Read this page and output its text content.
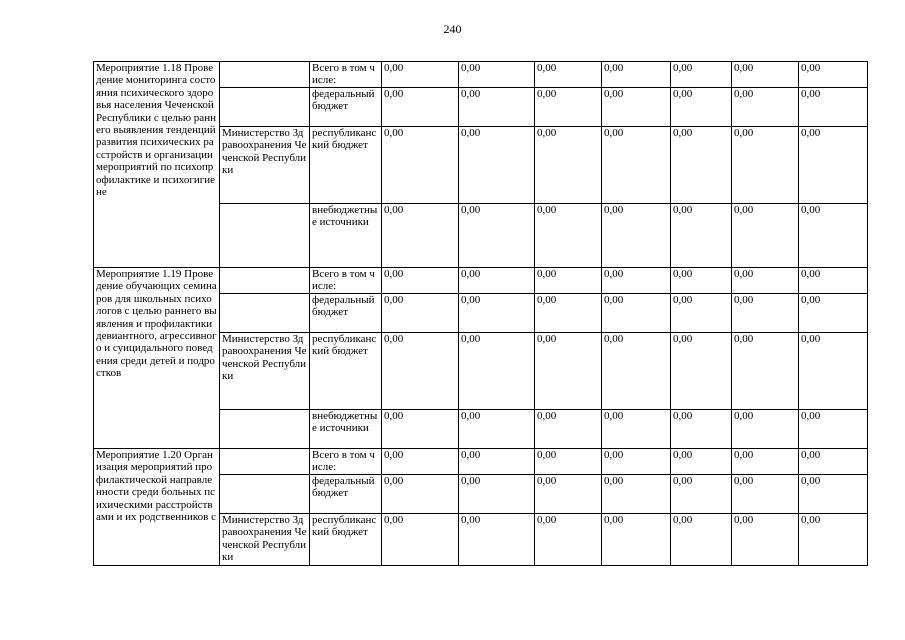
240
Мероприятие 1.18 Проведение мониторинга состояния психического здоровья населения Чеченской Республики с целью раннего выявления тенденций развития психических расстройств и организации мероприятий по психопрофилактике и психогигиене		Всего в том числе:	0,00	0,00	0,00	0,00	0,00	0,00	0,00
		федеральный бюджет	0,00	0,00	0,00	0,00	0,00	0,00	0,00
	Министерство Здравоохранения Чеченской Республики	республиканский бюджет	0,00	0,00	0,00	0,00	0,00	0,00	0,00
		внебюджетные источники	0,00	0,00	0,00	0,00	0,00	0,00	0,00
Мероприятие 1.19 Проведение обучающих семинаров для школьных психологов с целью раннего выявления и профилактики девиантного, агрессивного и суицидального поведения среди детей и подростков		Всего в том числе:	0,00	0,00	0,00	0,00	0,00	0,00	0,00
		федеральный бюджет	0,00	0,00	0,00	0,00	0,00	0,00	0,00
	Министерство Здравоохранения Чеченской Республики	республиканский бюджет	0,00	0,00	0,00	0,00	0,00	0,00	0,00
		внебюджетные источники	0,00	0,00	0,00	0,00	0,00	0,00	0,00
Мероприятие 1.20 Организация мероприятий профилактической направленности среди больных психическими расстройствами и их родственников с		Всего в том числе:	0,00	0,00	0,00	0,00	0,00	0,00	0,00
		федеральный бюджет	0,00	0,00	0,00	0,00	0,00	0,00	0,00
	Министерство Здравоохранения Чеченской Республики	республиканский бюджет	0,00	0,00	0,00	0,00	0,00	0,00	0,00
